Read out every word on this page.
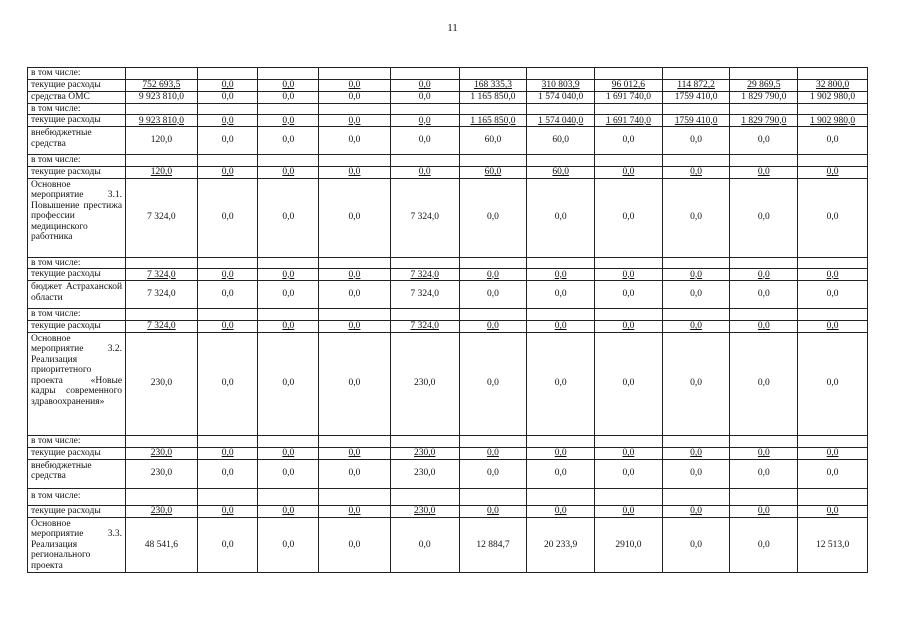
11
в том числе:											
текущие расходы	752 693,5	0,0	0,0	0,0	0,0	168 335,3	310 803,9	96 012,6	114 872,2	29 869,5	32 800,0
средства ОМС	9 923 810,0	0,0	0,0	0,0	0,0	1 165 850,0	1 574 040,0	1 691 740,0	1759 410,0	1 829 790,0	1 902 980,0
в том числе:											
текущие расходы	9 923 810,0	0,0	0,0	0,0	0,0	1 165 850,0	1 574 040,0	1 691 740,0	1759 410,0	1 829 790,0	1 902 980,0
внебюджетные средства	120,0	0,0	0,0	0,0	0,0	60,0	60,0	0,0	0,0	0,0	0,0
в том числе:											
текущие расходы	120,0	0,0	0,0	0,0	0,0	60,0	60,0	0,0	0,0	0,0	0,0
Основное мероприятие 3.1. Повышение престижа профессии медицинского работника	7 324,0	0,0	0,0	0,0	7 324,0	0,0	0,0	0,0	0,0	0,0	0,0
в том числе:											
текущие расходы	7 324,0	0,0	0,0	0,0	7 324,0	0,0	0,0	0,0	0,0	0,0	0,0
бюджет Астраханской области	7 324,0	0,0	0,0	0,0	7 324,0	0,0	0,0	0,0	0,0	0,0	0,0
в том числе:											
текущие расходы	7 324,0	0,0	0,0	0,0	7 324,0	0,0	0,0	0,0	0,0	0,0	0,0
Основное мероприятие 3.2. Реализация приоритетного проекта «Новые кадры современного здравоохранения»	230,0	0,0	0,0	0,0	230,0	0,0	0,0	0,0	0,0	0,0	0,0
в том числе:											
текущие расходы	230,0	0,0	0,0	0,0	230,0	0,0	0,0	0,0	0,0	0,0	0,0
внебюджетные средства	230,0	0,0	0,0	0,0	230,0	0,0	0,0	0,0	0,0	0,0	0,0
в том числе:											
текущие расходы	230,0	0,0	0,0	0,0	230,0	0,0	0,0	0,0	0,0	0,0	0,0
Основное мероприятие 3.3. Реализация регионального проекта	48 541,6	0,0	0,0	0,0	0,0	12 884,7	20 233,9	2910,0	0,0	0,0	12 513,0
